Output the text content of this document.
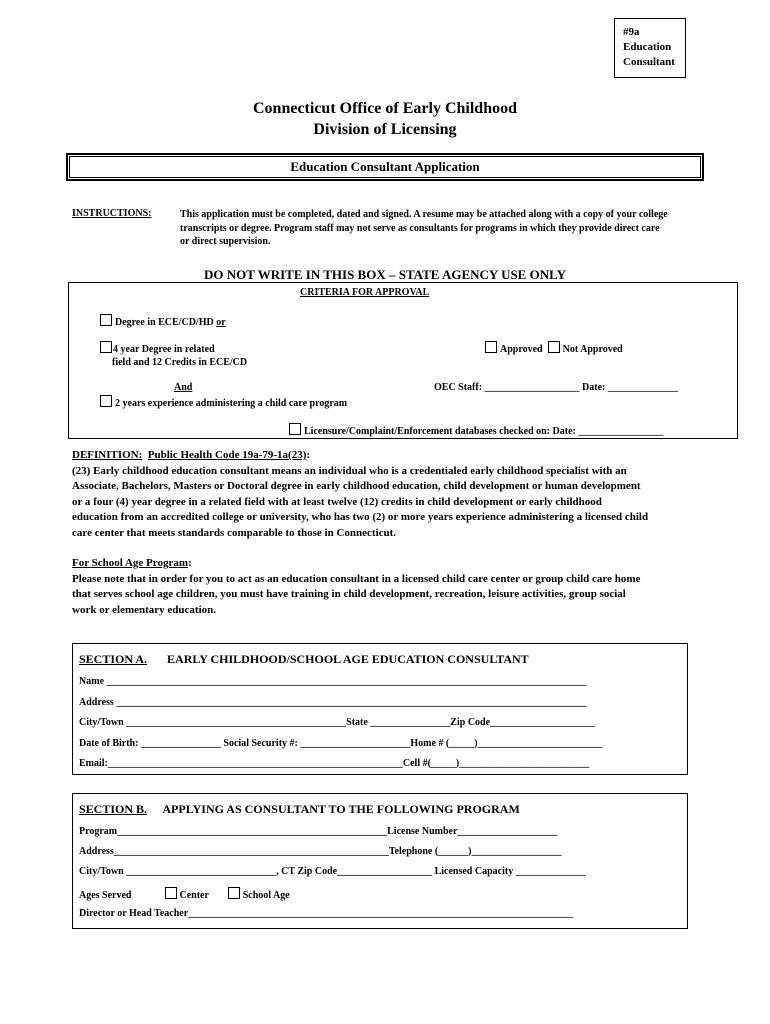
#9a
Education
Consultant
Connecticut Office of Early Childhood
Division of Licensing
Education Consultant Application
INSTRUCTIONS:	This application must be completed, dated and signed. A resume may be attached along with a copy of your college
transcripts or degree. Program staff may not serve as consultants for programs in which they provide direct care
or direct supervision.
DO NOT WRITE IN THIS BOX – STATE AGENCY USE ONLY
CRITERIA FOR APPROVAL
Degree in ECE/CD/HD or
4 year Degree in related
field and 12 Credits in ECE/CD
Approved Not Approved
And	OEC Staff: ___________________ Date: ______________
2 years experience administering a child care program
Licensure/Complaint/Enforcement databases checked on: Date: _________________
DEFINITION: Public Health Code 19a-79-1a(23):
(23) Early childhood education consultant means an individual who is a credentialed early childhood specialist with an
Associate, Bachelors, Masters or Doctoral degree in early childhood education, child development or human development
or a four (4) year degree in a related field with at least twelve (12) credits in child development or early childhood
education from an accredited college or university, who has two (2) or more years experience administering a licensed child
care center that meets standards comparable to those in Connecticut.
For School Age Program:
Please note that in order for you to act as an education consultant in a licensed child care center or group child care home
that serves school age children, you must have training in child development, recreation, leisure activities, group social
work or elementary education.
SECTION A. EARLY CHILDHOOD/SCHOOL AGE EDUCATION CONSULTANT
Name ________________________________________________________________________________________________
Address ______________________________________________________________________________________________
City/Town ____________________________________________State ________________Zip Code_____________________
Date of Birth: ________________ Social Security #: ______________________Home # (_____)_________________________
Email:___________________________________________________________Cell #(_____)__________________________
SECTION B. APPLYING AS CONSULTANT TO THE FOLLOWING PROGRAM
Program______________________________________________________License Number____________________
Address_______________________________________________________Telephone (______)__________________
City/Town ______________________________, CT Zip Code___________________ Licensed Capacity ______________
Ages Served	Center	School Age
Director or Head Teacher_____________________________________________________________________________
